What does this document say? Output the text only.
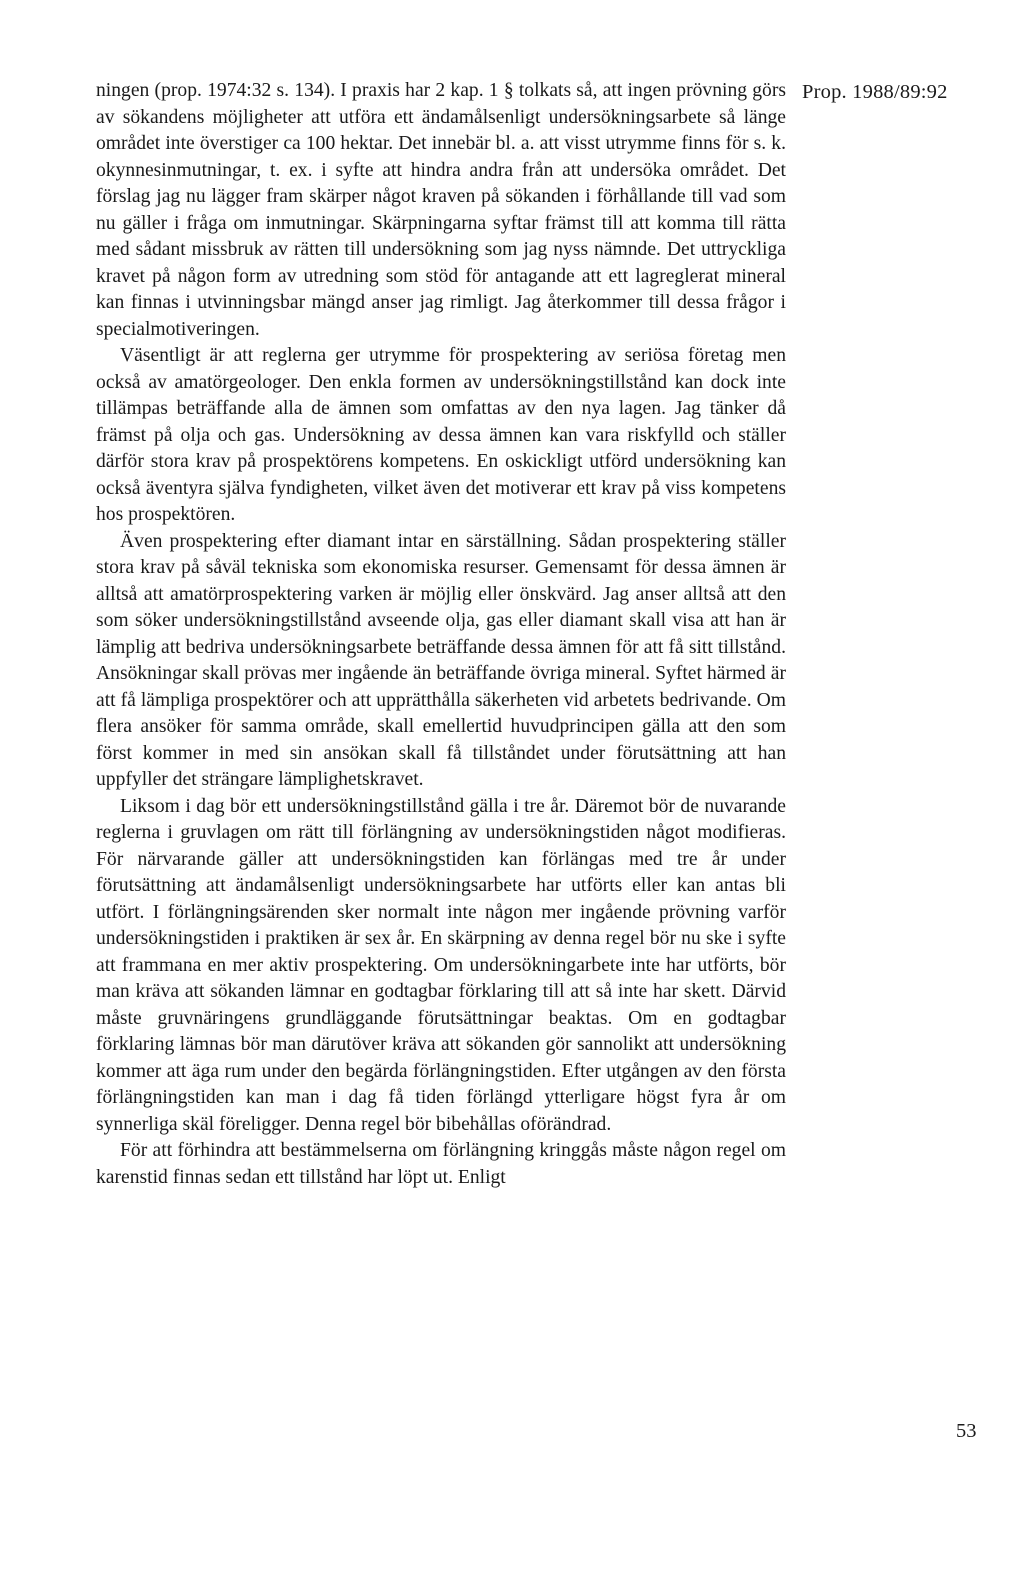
Prop. 1988/89:92

ningen (prop. 1974:32 s. 134). I praxis har 2 kap. 1 § tolkats så, att ingen prövning görs av sökandens möjligheter att utföra ett ändamålsenligt undersökningsarbete så länge området inte överstiger ca 100 hektar. Det innebär bl. a. att visst utrymme finns för s. k. okynnesinmutningar, t. ex. i syfte att hindra andra från att undersöka området. Det förslag jag nu lägger fram skärper något kraven på sökanden i förhållande till vad som nu gäller i fråga om inmutningar. Skärpningarna syftar främst till att komma till rätta med sådant missbruk av rätten till undersökning som jag nyss nämnde. Det uttryckliga kravet på någon form av utredning som stöd för antagande att ett lagreglerat mineral kan finnas i utvinningsbar mängd anser jag rimligt. Jag återkommer till dessa frågor i specialmotiveringen.

Väsentligt är att reglerna ger utrymme för prospektering av seriösa företag men också av amatörgeologer. Den enkla formen av undersökningstillstånd kan dock inte tillämpas beträffande alla de ämnen som omfattas av den nya lagen. Jag tänker då främst på olja och gas. Undersökning av dessa ämnen kan vara riskfylld och ställer därför stora krav på prospektörens kompetens. En oskickligt utförd undersökning kan också äventyra själva fyndigheten, vilket även det motiverar ett krav på viss kompetens hos prospektören.

Även prospektering efter diamant intar en särställning. Sådan prospektering ställer stora krav på såväl tekniska som ekonomiska resurser. Gemensamt för dessa ämnen är alltså att amatörprospektering varken är möjlig eller önskvärd. Jag anser alltså att den som söker undersökningstillstånd avseende olja, gas eller diamant skall visa att han är lämplig att bedriva undersökningsarbete beträffande dessa ämnen för att få sitt tillstånd. Ansökningar skall prövas mer ingående än beträffande övriga mineral. Syftet härmed är att få lämpliga prospektörer och att upprätthålla säkerheten vid arbetets bedrivande. Om flera ansöker för samma område, skall emellertid huvudprincipen gälla att den som först kommer in med sin ansökan skall få tillståndet under förutsättning att han uppfyller det strängare lämplighetskravet.

Liksom i dag bör ett undersökningstillstånd gälla i tre år. Däremot bör de nuvarande reglerna i gruvlagen om rätt till förlängning av undersökningstiden något modifieras. För närvarande gäller att undersökningstiden kan förlängas med tre år under förutsättning att ändamålsenligt undersökningsarbete har utförts eller kan antas bli utfört. I förlängningsärenden sker normalt inte någon mer ingående prövning varför undersökningstiden i praktiken är sex år. En skärpning av denna regel bör nu ske i syfte att frammana en mer aktiv prospektering. Om undersökningarbete inte har utförts, bör man kräva att sökanden lämnar en godtagbar förklaring till att så inte har skett. Därvid måste gruvnäringens grundläggande förutsättningar beaktas. Om en godtagbar förklaring lämnas bör man därutöver kräva att sökanden gör sannolikt att undersökning kommer att äga rum under den begärda förlängningstiden. Efter utgången av den första förlängningstiden kan man i dag få tiden förlängd ytterligare högst fyra år om synnerliga skäl föreligger. Denna regel bör bibehållas oförändrad.

För att förhindra att bestämmelserna om förlängning kringgås måste någon regel om karenstid finnas sedan ett tillstånd har löpt ut. Enligt

53
